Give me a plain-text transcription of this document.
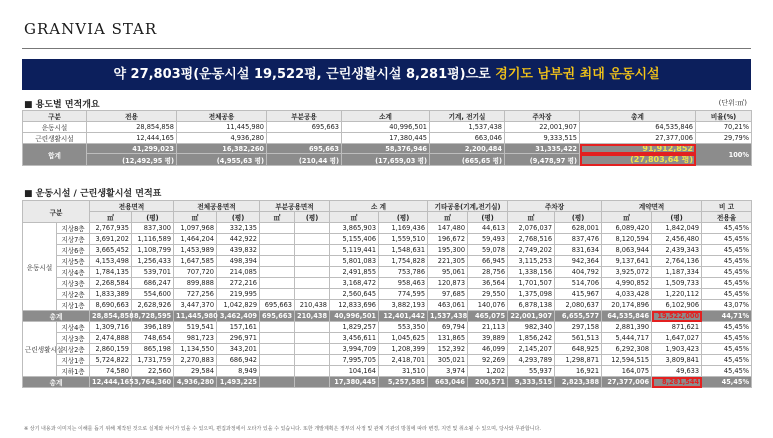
GRANVIA STAR
약 27,803평(운동시설 19,522평, 근린생활시설 8,281평)으로 경기도 남부권 최대 운동시설
■ 용도별 면적개요	(단위:㎡)
구분	전용	전체공용	부분공용	소계	기계, 전기실	주차장	총계	비율(%)
운동시설	28,854,858	11,445,980	695,663	40,996,501	1,537,438	22,001,907	64,535,846	70,21%
근린생활시설	12,444,165	4,936,280		17,380,445	663,046	9,333,515	27,377,006	29,79%
합계	41,299,023	16,382,260	695,663	58,376,946	2,200,484	31,335,422	91,912,852	100%
	(12,492,95 평)	(4,955,63 평)	(210,44 평)	(17,659,03 평)	(665,65 평)	(9,478,97 평)	(27,803,64 평)	
■ 운동시설 / 근린생활시설 면적표
구분		전용면적		전체공용면적		부분공용면적		소 계		기타공용(기계,전기실)		주차장		계약면적		비 고
		㎡	(평)	㎡	(평)	㎡	(평)	㎡	(평)	㎡	(평)	㎡	(평)	㎡	(평)	전용율
운동시설	지상8층	2,767,935	837,300	1,097,968	332,135			3,865,903	1,169,436	147,480	44,613	2,076,037	628,001	6,089,420	1,842,049	45,45%
	지상7층	3,691,202	1,116,589	1,464,204	442,922			5,155,406	1,559,510	196,672	59,493	2,768,516	837,476	8,120,594	2,456,480	45,45%
	지상6층	3,665,452	1,108,799	1,453,989	439,832			5,119,441	1,548,631	195,300	59,078	2,749,202	831,634	8,063,944	2,439,343	45,45%
	지상5층	4,153,498	1,256,433	1,647,585	498,394			5,801,083	1,754,828	221,305	66,945	3,115,253	942,364	9,137,641	2,764,136	45,45%
	지상4층	1,784,135	539,701	707,720	214,085			2,491,855	753,786	95,061	28,756	1,338,156	404,792	3,925,072	1,187,334	45,45%
	지상3층	2,268,584	686,247	899,888	272,216			3,168,472	958,463	120,873	36,564	1,701,507	514,706	4,990,852	1,509,733	45,45%
	지상2층	1,833,389	554,600	727,256	219,995			2,560,645	774,595	97,685	29,550	1,375,098	415,967	4,033,428	1,220,112	45,45%
	지상1층	8,690,663	2,628,926	3,447,370	1,042,829	695,663	210,438	12,833,696	3,882,193	463,061	140,076	6,878,138	2,080,637	20,174,896	6,102,906	43,07%
총계		28,854,858	8,728,595	11,445,980	3,462,409	695,663	210,438	40,996,501	12,401,442	1,537,438	465,075	22,001,907	6,655,577	64,535,846	19,522,000	44,71%
근린생활시설	지상4층	1,309,716	396,189	519,541	157,161			1,829,257	553,350	69,794	21,113	982,340	297,158	2,881,390	871,621	45,45%
	지상3층	2,474,888	748,654	981,723	296,971			3,456,611	1,045,625	131,865	39,889	1,856,242	561,513	5,444,717	1,647,027	45,45%
	지상2층	2,860,159	865,198	1,134,550	343,201			3,994,709	1,208,399	152,392	46,099	2,145,207	648,925	6,292,308	1,903,423	45,45%
	지상1층	5,724,822	1,731,759	2,270,883	686,942			7,995,705	2,418,701	305,021	92,269	4,293,789	1,298,871	12,594,515	3,809,841	45,45%
	지하1층	74,580	22,560	29,584	8,949			104,164	31,510	3,974	1,202	55,937	16,921	164,075	49,633	45,45%
총계		12,444,165	3,764,360	4,936,280	1,493,225			17,380,445	5,257,585	663,046	200,571	9,333,515	2,823,388	27,377,006	8,281,544	45,45%
※ 상기 내용과 이미지는 이해를 돕기 위해 제작된 것으로 실제와 차이가 있을 수 있으며, 편집과정에서 오타가 있을 수 있습니다. 또한 개발계획은 정부의 사정 및 관계 기관의 방침에 따라 변경, 지연 및 취소될 수 있으며, 당사와 무관합니다.
